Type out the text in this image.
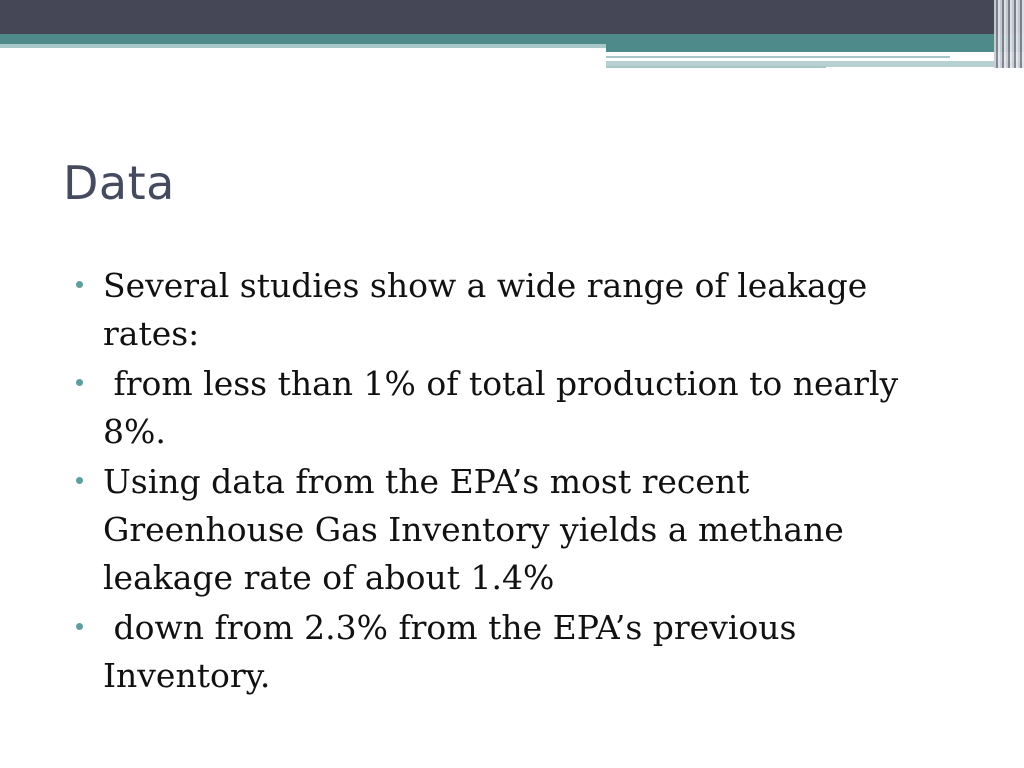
Data
Several studies show a wide range of leakage rates:
from less than 1% of total production to nearly 8%.
Using data from the EPA’s most recent Greenhouse Gas Inventory yields a methane leakage rate of about 1.4%
down from 2.3% from the EPA’s previous Inventory.
